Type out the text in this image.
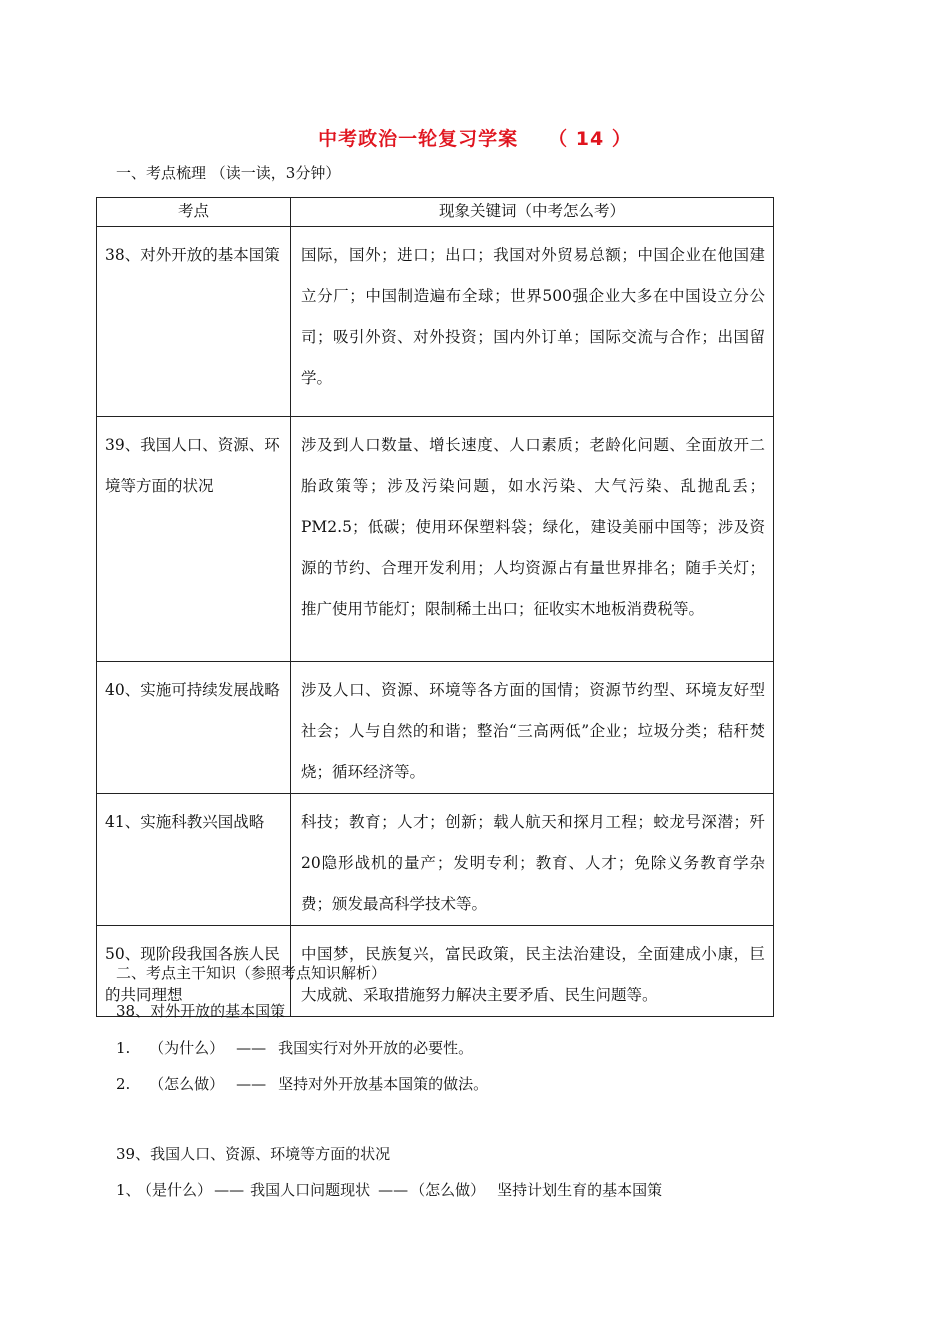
中考政治一轮复习学案 （ 14 ）
一、考点梳理 （读一读，3分钟）
考点	现象关键词（中考怎么考）
38、对外开放的基本国策	国际，国外；进口；出口；我国对外贸易总额；中国企业在他国建立分厂；中国制造遍布全球；世界500强企业大多在中国设立分公司；吸引外资、对外投资；国内外订单；国际交流与合作；出国留学。
39、我国人口、资源、环境等方面的状况	涉及到人口数量、增长速度、人口素质；老龄化问题、全面放开二胎政策等；涉及污染问题，如水污染、大气污染、乱抛乱丢；PM2.5；低碳；使用环保塑料袋；绿化，建设美丽中国等；涉及资源的节约、合理开发利用；人均资源占有量世界排名；随手关灯；推广使用节能灯；限制稀土出口；征收实木地板消费税等。
40、实施可持续发展战略	涉及人口、资源、环境等各方面的国情；资源节约型、环境友好型社会；人与自然的和谐；整治“三高两低”企业；垃圾分类；秸秆焚烧；循环经济等。
41、实施科教兴国战略	科技；教育；人才；创新；载人航天和探月工程；蛟龙号深潜；歼20隐形战机的量产；发明专利；教育、人才；免除义务教育学杂费；颁发最高科学技术等。
50、现阶段我国各族人民的共同理想	中国梦，民族复兴，富民政策，民主法治建设，全面建成小康，巨大成就、采取措施努力解决主要矛盾、民生问题等。
二、考点主干知识（参照考点知识解析）
38、对外开放的基本国策
1. （为什么） —— 我国实行对外开放的必要性。
2. （怎么做） —— 坚持对外开放基本国策的做法。
39、我国人口、资源、环境等方面的状况
1、 （是什么） —— 我国人口问题现状 —— （怎么做） 坚持计划生育的基本国策
